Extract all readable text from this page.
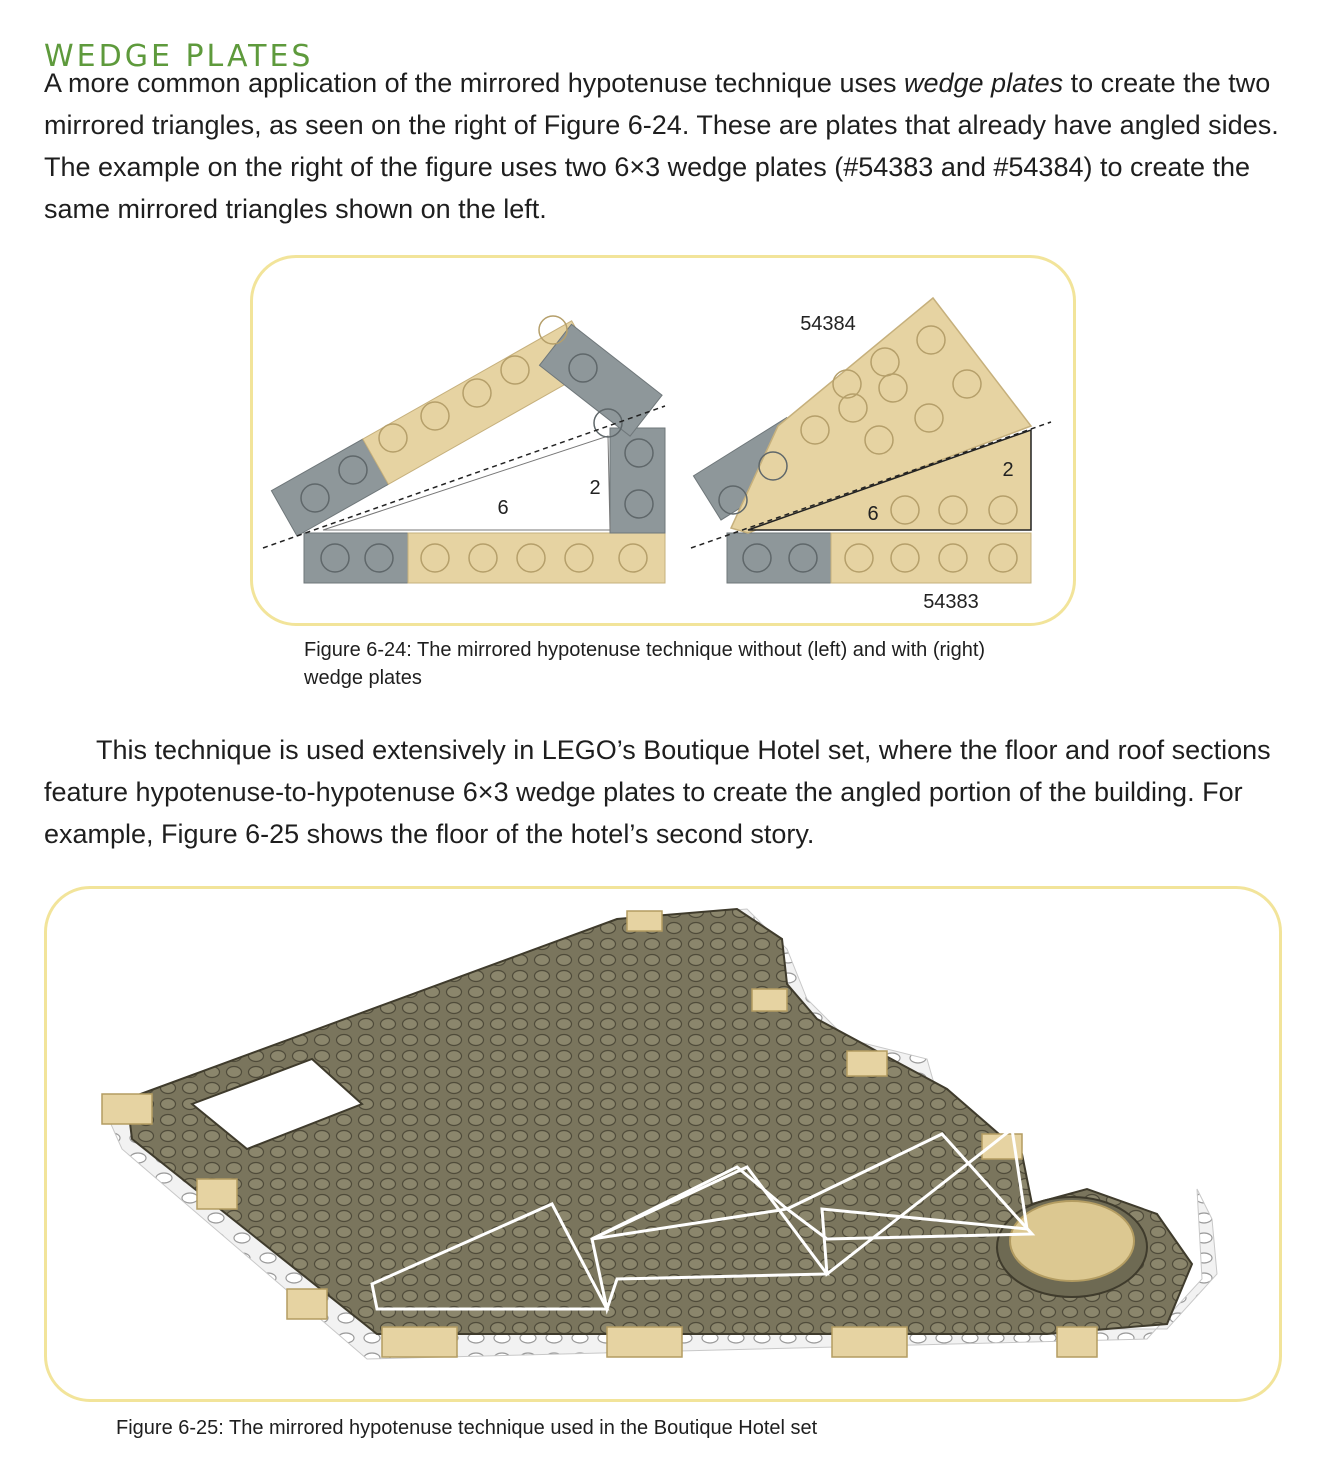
WEDGE PLATES

A more common application of the mirrored hypotenuse technique uses wedge plates to create the two mirrored triangles, as seen on the right of Figure 6-24. These are plates that already have angled sides. The example on the right of the figure uses two 6×3 wedge plates (#54383 and #54384) to create the same mirrored triangles shown on the left.

6
2
6
2
54384
54383

Figure 6-24: The mirrored hypotenuse technique without (left) and with (right) wedge plates

This technique is used extensively in LEGO’s Boutique Hotel set, where the floor and roof sections feature hypotenuse-to-hypotenuse 6×3 wedge plates to create the angled portion of the building. For example, Figure 6-25 shows the floor of the hotel’s second story.

Figure 6-25: The mirrored hypotenuse technique used in the Boutique Hotel set
